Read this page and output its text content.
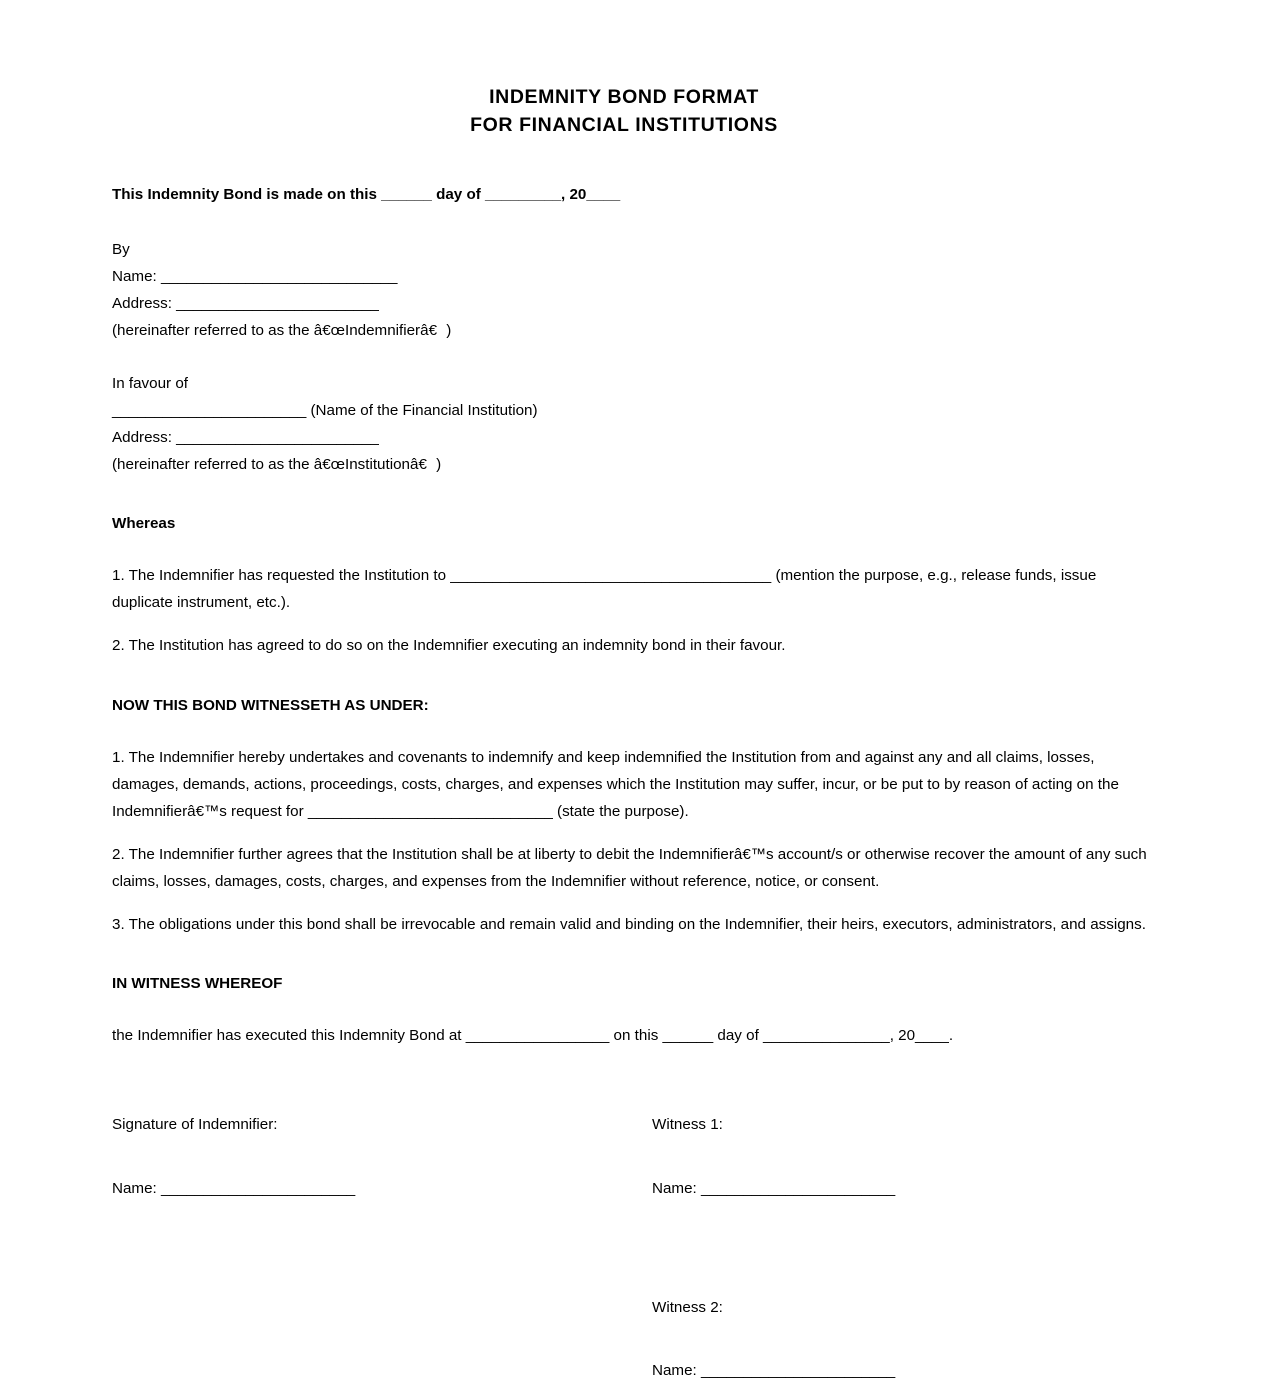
INDEMNITY BOND FORMAT
FOR FINANCIAL INSTITUTIONS

This Indemnity Bond is made on this ______ day of _________, 20____

By

Name: ____________________________

Address: ________________________

(hereinafter referred to as the â€œIndemnifierâ€)

In favour of

_______________________ (Name of the Financial Institution)

Address: ________________________

(hereinafter referred to as the â€œInstitutionâ€)

Whereas

1. The Indemnifier has requested the Institution to ______________________________________ (mention the purpose, e.g., release funds, issue duplicate instrument, etc.).

2. The Institution has agreed to do so on the Indemnifier executing an indemnity bond in their favour.

NOW THIS BOND WITNESSETH AS UNDER:

1. The Indemnifier hereby undertakes and covenants to indemnify and keep indemnified the Institution from and against any and all claims, losses, damages, demands, actions, proceedings, costs, charges, and expenses which the Institution may suffer, incur, or be put to by reason of acting on the Indemnifierâ€™s request for _____________________________ (state the purpose).

2. The Indemnifier further agrees that the Institution shall be at liberty to debit the Indemnifierâ€™s account/s or otherwise recover the amount of any such claims, losses, damages, costs, charges, and expenses from the Indemnifier without reference, notice, or consent.

3. The obligations under this bond shall be irrevocable and remain valid and binding on the Indemnifier, their heirs, executors, administrators, and assigns.

IN WITNESS WHEREOF

the Indemnifier has executed this Indemnity Bond at _________________ on this ______ day of _______________, 20____.

Signature of Indemnifier:

Name: _______________________

Witness 1:

Name: _______________________

Witness 2:

Name: _______________________
